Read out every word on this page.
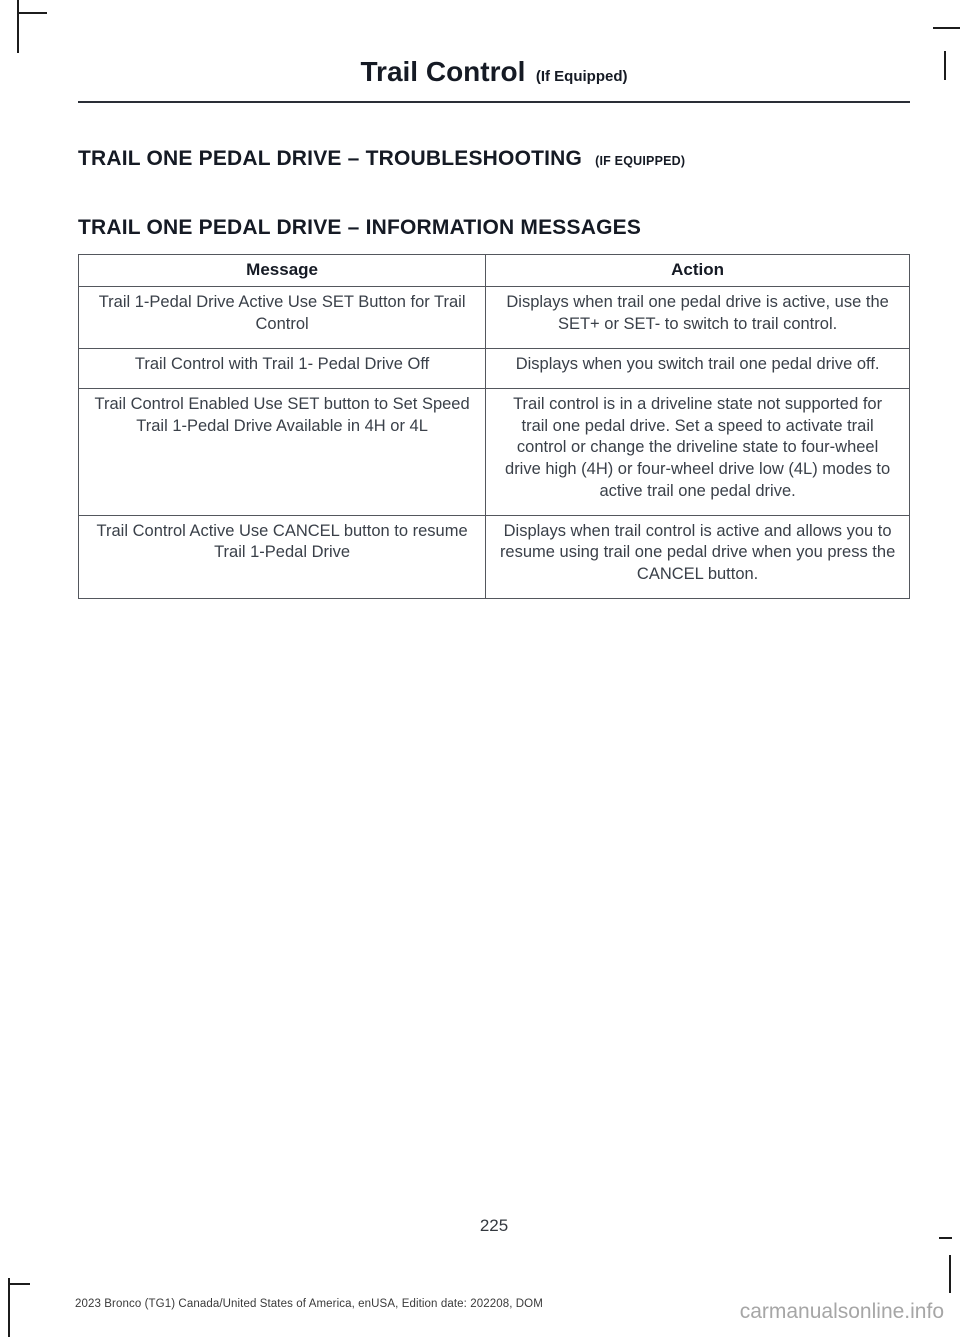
Trail Control (If Equipped)
TRAIL ONE PEDAL DRIVE – TROUBLESHOOTING (IF EQUIPPED)
TRAIL ONE PEDAL DRIVE – INFORMATION MESSAGES
Message	Action
Trail 1-Pedal Drive Active Use SET Button for Trail Control	Displays when trail one pedal drive is active, use the SET+ or SET- to switch to trail control.
Trail Control with Trail 1- Pedal Drive Off	Displays when you switch trail one pedal drive off.
Trail Control Enabled Use SET button to Set Speed Trail 1-Pedal Drive Available in 4H or 4L	Trail control is in a driveline state not supported for trail one pedal drive. Set a speed to activate trail control or change the driveline state to four-wheel drive high (4H) or four-wheel drive low (4L) modes to active trail one pedal drive.
Trail Control Active Use CANCEL button to resume Trail 1-Pedal Drive	Displays when trail control is active and allows you to resume using trail one pedal drive when you press the CANCEL button.
225
2023 Bronco (TG1) Canada/United States of America, enUSA, Edition date: 202208, DOM	carmanualsonline.info
